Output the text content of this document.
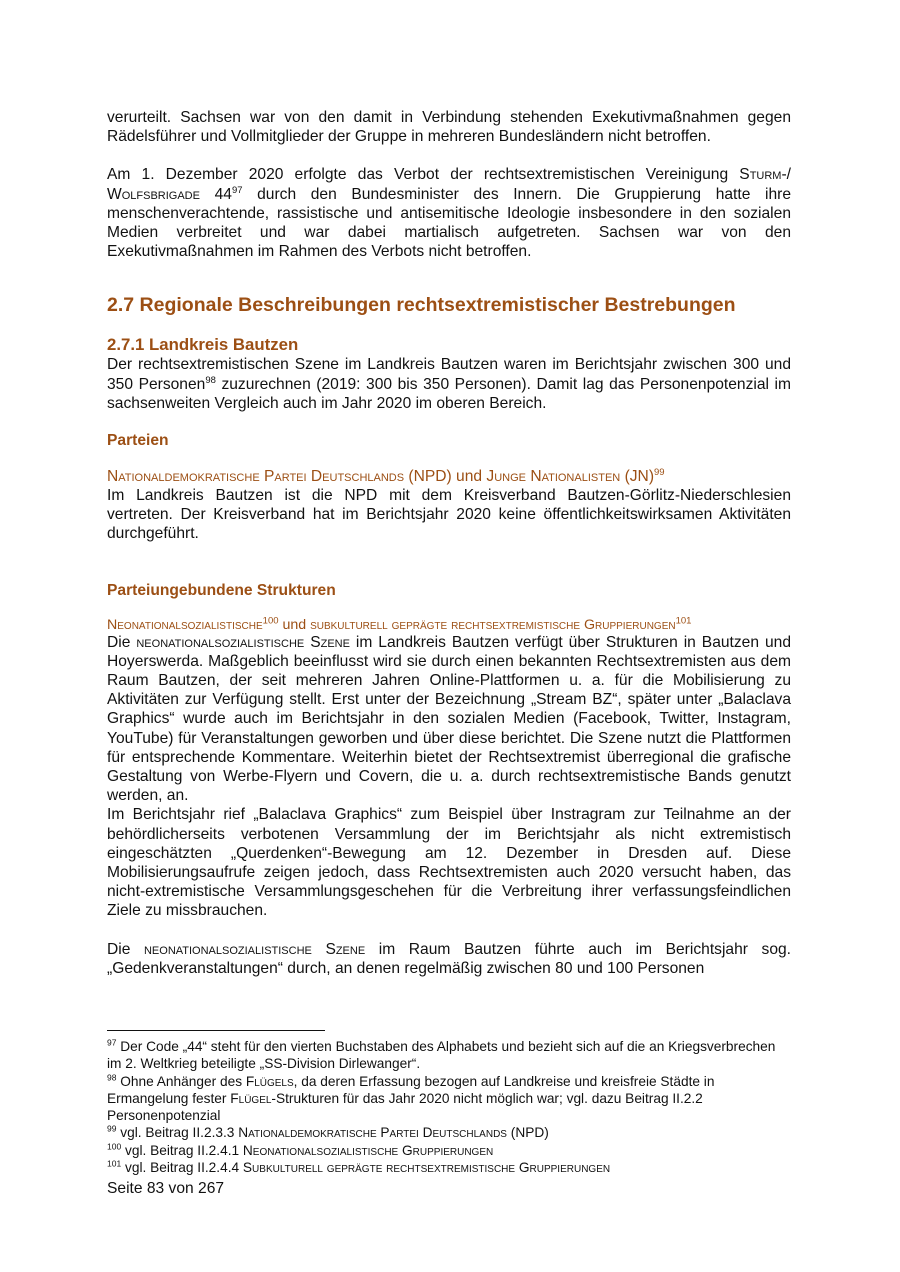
verurteilt. Sachsen war von den damit in Verbindung stehenden Exekutivmaßnahmen gegen Rädelsführer und Vollmitglieder der Gruppe in mehreren Bundesländern nicht betroffen.

Am 1. Dezember 2020 erfolgte das Verbot der rechtsextremistischen Vereinigung Sturm-/ Wolfsbrigade $44^{97}$ durch den Bundesminister des Innern. Die Gruppierung hatte ihre menschenverachtende, rassistische und antisemitische Ideologie insbesondere in den sozialen Medien verbreitet und war dabei martialisch aufgetreten. Sachsen war von den Exekutivmaßnahmen im Rahmen des Verbots nicht betroffen.

2.7 Regionale Beschreibungen rechtsextremistischer Bestrebungen
2.7.1 Landkreis Bautzen

Der rechtsextremistischen Szene im Landkreis Bautzen waren im Berichtsjahr zwischen 300 und 350 Personen$^{98}$ zuzurechnen (2019: 300 bis 350 Personen). Damit lag das Personenpotenzial im sachsenweiten Vergleich auch im Jahr 2020 im oberen Bereich.

Parteien

Nationaldemokratische Partei Deutschlands (NPD) und Junge Nationalisten (JN)$^{99}$

Im Landkreis Bautzen ist die NPD mit dem Kreisverband Bautzen-Görlitz-Niederschlesien vertreten. Der Kreisverband hat im Berichtsjahr 2020 keine öffentlichkeitswirksamen Aktivitäten durchgeführt.

Parteiungebundene Strukturen

Neonationalsozialistische$^{100}$ und subkulturell geprägte rechtsextremistische Gruppierungen$^{101}$

Die neonationalsozialistische Szene im Landkreis Bautzen verfügt über Strukturen in Bautzen und Hoyerswerda. Maßgeblich beeinflusst wird sie durch einen bekannten Rechtsextremisten aus dem Raum Bautzen, der seit mehreren Jahren Online-Plattformen u. a. für die Mobilisierung zu Aktivitäten zur Verfügung stellt. Erst unter der Bezeichnung „Stream BZ“, später unter „Balaclava Graphics“ wurde auch im Berichtsjahr in den sozialen Medien (Facebook, Twitter, Instagram, YouTube) für Veranstaltungen geworben und über diese berichtet. Die Szene nutzt die Plattformen für entsprechende Kommentare. Weiterhin bietet der Rechtsextremist überregional die grafische Gestaltung von Werbe-Flyern und Covern, die u. a. durch rechtsextremistische Bands genutzt werden, an.

Im Berichtsjahr rief „Balaclava Graphics“ zum Beispiel über Instragram zur Teilnahme an der behördlicherseits verbotenen Versammlung der im Berichtsjahr als nicht extremistisch eingeschätzten „Querdenken“-Bewegung am 12. Dezember in Dresden auf. Diese Mobilisierungsaufrufe zeigen jedoch, dass Rechtsextremisten auch 2020 versucht haben, das nicht-extremistische Versammlungsgeschehen für die Verbreitung ihrer verfassungsfeindlichen Ziele zu missbrauchen.

Die neonationalsozialistische Szene im Raum Bautzen führte auch im Berichtsjahr sog. „Gedenkveranstaltungen“ durch, an denen regelmäßig zwischen 80 und 100 Personen

$^{97}$ Der Code „44“ steht für den vierten Buchstaben des Alphabets und bezieht sich auf die an Kriegsverbrechen im 2. Weltkrieg beteiligte „SS-Division Dirlewanger“.

$^{98}$ Ohne Anhänger des Flügels, da deren Erfassung bezogen auf Landkreise und kreisfreie Städte in Ermangelung fester Flügel-Strukturen für das Jahr 2020 nicht möglich war; vgl. dazu Beitrag II.2.2 Personenpotenzial

$^{99}$ vgl. Beitrag II.2.3.3 Nationaldemokratische Partei Deutschlands (NPD)

$^{100}$ vgl. Beitrag II.2.4.1 Neonationalsozialistische Gruppierungen

$^{101}$ vgl. Beitrag II.2.4.4 Subkulturell geprägte rechtsextremistische Gruppierungen

Seite 83 von 267
